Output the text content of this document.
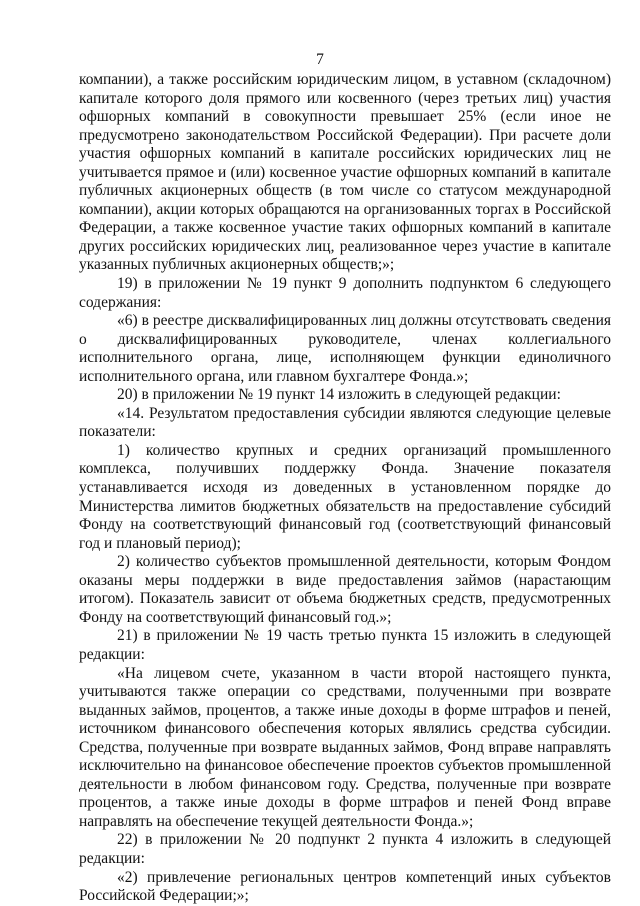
7

компании), а также российским юридическим лицом, в уставном (складочном) капитале которого доля прямого или косвенного (через третьих лиц) участия офшорных компаний в совокупности превышает 25% (если иное не предусмотрено законодательством Российской Федерации). При расчете доли участия офшорных компаний в капитале российских юридических лиц не учитывается прямое и (или) косвенное участие офшорных компаний в капитале публичных акционерных обществ (в том числе со статусом международной компании), акции которых обращаются на организованных торгах в Российской Федерации, а также косвенное участие таких офшорных компаний в капитале других российских юридических лиц, реализованное через участие в капитале указанных публичных акционерных обществ;»;

19) в приложении № 19 пункт 9 дополнить подпунктом 6 следующего содержания:

«6) в реестре дисквалифицированных лиц должны отсутствовать сведения о дисквалифицированных руководителе, членах коллегиального исполнительного органа, лице, исполняющем функции единоличного исполнительного органа, или главном бухгалтере Фонда.»;

20) в приложении № 19 пункт 14 изложить в следующей редакции:

«14. Результатом предоставления субсидии являются следующие целевые показатели:

1) количество крупных и средних организаций промышленного комплекса, получивших поддержку Фонда. Значение показателя устанавливается исходя из доведенных в установленном порядке до Министерства лимитов бюджетных обязательств на предоставление субсидий Фонду на соответствующий финансовый год (соответствующий финансовый год и плановый период);

2) количество субъектов промышленной деятельности, которым Фондом оказаны меры поддержки в виде предоставления займов (нарастающим итогом). Показатель зависит от объема бюджетных средств, предусмотренных Фонду на соответствующий финансовый год.»;

21) в приложении № 19 часть третью пункта 15 изложить в следующей редакции:

«На лицевом счете, указанном в части второй настоящего пункта, учитываются также операции со средствами, полученными при возврате выданных займов, процентов, а также иные доходы в форме штрафов и пеней, источником финансового обеспечения которых являлись средства субсидии. Средства, полученные при возврате выданных займов, Фонд вправе направлять исключительно на финансовое обеспечение проектов субъектов промышленной деятельности в любом финансовом году. Средства, полученные при возврате процентов, а также иные доходы в форме штрафов и пеней Фонд вправе направлять на обеспечение текущей деятельности Фонда.»;

22) в приложении № 20 подпункт 2 пункта 4 изложить в следующей редакции:

«2) привлечение региональных центров компетенций иных субъектов Российской Федерации;»;
